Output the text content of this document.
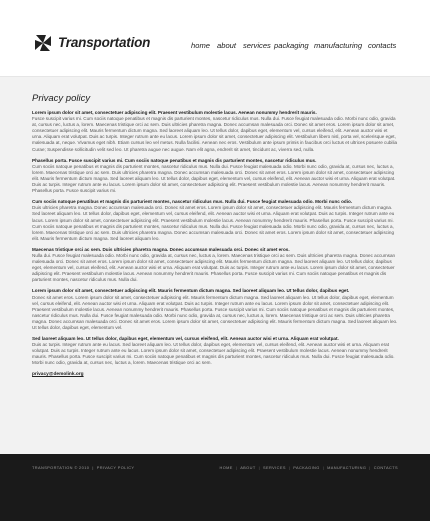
Transportation	home about services packaging manufacturing contacts
Privacy policy

Lorem ipsum dolor sit amet, consectetuer adipiscing elit. Praesent vestibulum molestie lacus. Aenean nonummy hendrerit mauris.
Fusce suscipit varius mi. Cum sociis natoque penatibus et magnis dis parturient montes, nascetur ridiculus mus. Nulla dui. Fusce feugiat malesuada odio. Morbi nunc odio, gravida at, cursus nec, luctus a, lorem. Maecenas tristique orci ac sem. Duis ultricies pharetra magna. Donec accumsan malesuada orci. Donec sit amet eros. Lorem ipsum dolor sit amet, consectetuer adipiscing elit. Mauris fermentum dictum magna. Sed laoreet aliquam leo. Ut tellus dolor, dapibus eget, elementum vel, cursus eleifend, elit. Aenean auctor wisi et urna. Aliquam erat volutpat. Duis ac turpis. Integer rutrum ante eu lacus. Lorem ipsum dolor sit amet, consectetuer adipiscing elit. Vestibulum libero nisl, porta vel, scelerisque eget, malesuada at, neque. Vivamus eget nibh. Etiam cursus leo vel metus. Nulla facilisi. Aenean nec eros. Vestibulum ante ipsum primis in faucibus orci luctus et ultrices posuere cubilia Curae; Suspendisse sollicitudin velit sed leo. Ut pharetra augue nec augue. Nam elit agna, endrerit sit amet, tincidunt ac, viverra sed, nulla.

Phasellus porta. Fusce suscipit varius mi. Cum sociis natoque penatibus et magnis dis parturient montes, nascetur ridiculus mus.
Cum sociis natoque penatibus et magnis dis parturient montes, nascetur ridiculus mus. Nulla dui. Fusce feugiat malesuada odio. Morbi nunc odio, gravida at, cursus nec, luctus a, lorem. Maecenas tristique orci ac sem. Duis ultricies pharetra magna. Donec accumsan malesuada orci. Donec sit amet eros. Lorem ipsum dolor sit amet, consectetuer adipiscing elit. Mauris fermentum dictum magna. Sed laoreet aliquam leo. Ut tellus dolor, dapibus eget, elementum vel, cursus eleifend, elit. Aenean auctor wisi et urna. Aliquam erat volutpat. Duis ac turpis. Integer rutrum ante eu lacus. Lorem ipsum dolor sit amet, consectetuer adipiscing elit. Praesent vestibulum molestie lacus. Aenean nonummy hendrerit mauris. Phasellus porta. Fusce suscipit varius mi.

Cum sociis natoque penatibus et magnis dis parturient montes, nascetur ridiculus mus. Nulla dui. Fusce feugiat malesuada odio. Morbi nunc odio.
Duis ultricies pharetra magna. Donec accumsan malesuada orci. Donec sit amet eros. Lorem ipsum dolor sit amet, consectetuer adipiscing elit. Mauris fermentum dictum magna. Sed laoreet aliquam leo. Ut tellus dolor, dapibus eget, elementum vel, cursus eleifend, elit. Aenean auctor wisi et urna. Aliquam erat volutpat. Duis ac turpis. Integer rutrum ante eu lacus. Lorem ipsum dolor sit amet, consectetuer adipiscing elit. Praesent vestibulum molestie lacus. Aenean nonummy hendrerit mauris. Phasellus porta. Fusce suscipit varius mi. Cum sociis natoque penatibus et magnis dis parturient montes, nascetur ridiculus mus. Nulla dui. Fusce feugiat malesuada odio. Morbi nunc odio, gravida at, cursus nec, luctus a, lorem. Maecenas tristique orci ac sem. Duis ultricies pharetra magna. Donec accumsan malesuada orci. Donec sit amet eros. Lorem ipsum dolor sit amet, consectetuer adipiscing elit. Mauris fermentum dictum magna. Sed laoreet aliquam leo.

Maecenas tristique orci ac sem. Duis ultricies pharetra magna. Donec accumsan malesuada orci. Donec sit amet eros.
Nulla dui. Fusce feugiat malesuada odio. Morbi nunc odio, gravida at, cursus nec, luctus a, lorem. Maecenas tristique orci ac sem. Duis ultricies pharetra magna. Donec accumsan malesuada orci. Donec sit amet eros. Lorem ipsum dolor sit amet, consectetuer adipiscing elit. Mauris fermentum dictum magna. Sed laoreet aliquam leo. Ut tellus dolor, dapibus eget, elementum vel, cursus eleifend, elit. Aenean auctor wisi et urna. Aliquam erat volutpat. Duis ac turpis. Integer rutrum ante eu lacus. Lorem ipsum dolor sit amet, consectetuer adipiscing elit. Praesent vestibulum molestie lacus. Aenean nonummy hendrerit mauris. Phasellus porta. Fusce suscipit varius mi. Cum sociis natoque penatibus et magnis dis parturient montes, nascetur ridiculus mus. Nulla dui.

Lorem ipsum dolor sit amet, consectetuer adipiscing elit. Mauris fermentum dictum magna. Sed laoreet aliquam leo. Ut tellus dolor, dapibus eget.
Donec sit amet eros. Lorem ipsum dolor sit amet, consectetuer adipiscing elit. Mauris fermentum dictum magna. Sed laoreet aliquam leo. Ut tellus dolor, dapibus eget, elementum vel, cursus eleifend, elit. Aenean auctor wisi et urna. Aliquam erat volutpat. Duis ac turpis. Integer rutrum ante eu lacus. Lorem ipsum dolor sit amet, consectetuer adipiscing elit. Praesent vestibulum molestie lacus. Aenean nonummy hendrerit mauris. Phasellus porta. Fusce suscipit varius mi. Cum sociis natoque penatibus et magnis dis parturient montes, nascetur ridiculus mus. Nulla dui. Fusce feugiat malesuada odio. Morbi nunc odio, gravida at, cursus nec, luctus a, lorem. Maecenas tristique orci ac sem. Duis ultricies pharetra magna. Donec accumsan malesuada orci. Donec sit amet eros. Lorem ipsum dolor sit amet, consectetuer adipiscing elit. Mauris fermentum dictum magna. Sed laoreet aliquam leo. Ut tellus dolor, dapibus eget, elementum vel.

Sed laoreet aliquam leo. Ut tellus dolor, dapibus eget, elementum vel, cursus eleifend, elit. Aenean auctor wisi et urna. Aliquam erat volutpat.
Duis ac turpis. Integer rutrum ante eu lacus. Sed laoreet aliquam leo. Ut tellus dolor, dapibus eget, elementum vel, cursus eleifend, elit. Aenean auctor wisi et urna. Aliquam erat volutpat. Duis ac turpis. Integer rutrum ante eu lacus. Lorem ipsum dolor sit amet, consectetuer adipiscing elit. Praesent vestibulum molestie lacus. Aenean nonummy hendrerit mauris. Phasellus porta. Fusce suscipit varius mi. Cum sociis natoque penatibus et magnis dis parturient montes, nascetur ridiculus mus. Nulla dui. Fusce feugiat malesuada odio. Morbi nunc odio, gravida at, cursus nec, luctus a, lorem. Maecenas tristique orci ac sem.

privacy@demolink.org
TRANSPORTATION © 2010 | PRIVACY POLICY	HOME | ABOUT | SERVICES | PACKAGING | MANUFACTURING | CONTACTS
